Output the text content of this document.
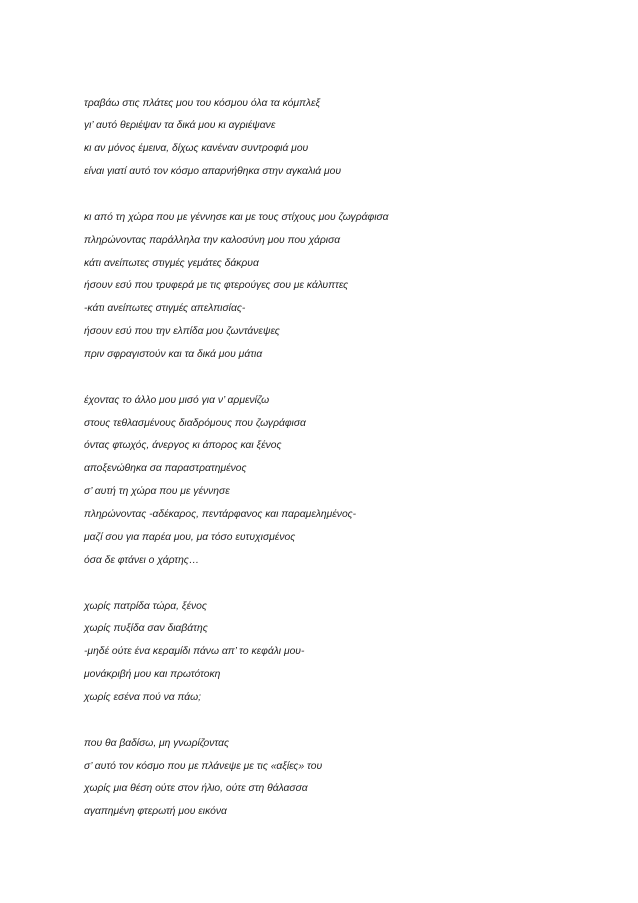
τραβάω στις πλάτες μου του κόσμου όλα τα κόμπλεξ
γι’ αυτό θεριέψαν τα δικά μου κι αγριέψανε
κι αν μόνος έμεινα, δίχως κανέναν συντροφιά μου
είναι γιατί αυτό τον κόσμο απαρνήθηκα στην αγκαλιά μου
κι από τη χώρα που με γέννησε και με τους στίχους μου ζωγράφισα
πληρώνοντας παράλληλα την καλοσύνη μου που χάρισα
κάτι ανείπωτες στιγμές γεμάτες δάκρυα
ήσουν εσύ που τρυφερά με τις φτερούγες σου με κάλυπτες
-κάτι ανείπωτες στιγμές απελπισίας-
ήσουν εσύ που την ελπίδα μου ζωντάνεψες
πριν σφραγιστούν και τα δικά μου μάτια
έχοντας το άλλο μου μισό για ν’ αρμενίζω
στους τεθλασμένους διαδρόμους που ζωγράφισα
όντας φτωχός, άνεργος κι άπορος και ξένος
αποξενώθηκα σα παραστρατημένος
σ’ αυτή τη χώρα που με γέννησε
πληρώνοντας -αδέκαρος, πεντάρφανος και παραμελημένος-
μαζί σου για παρέα μου, μα τόσο ευτυχισμένος
όσα δε φτάνει ο χάρτης…
χωρίς πατρίδα τώρα, ξένος
χωρίς πυξίδα σαν διαβάτης
-μηδέ ούτε ένα κεραμίδι πάνω απ’ το κεφάλι μου-
μονάκριβή μου και πρωτότοκη
χωρίς εσένα πού να πάω;
που θα βαδίσω, μη γνωρίζοντας
σ’ αυτό τον κόσμο που με πλάνεψε με τις «αξίες» του
χωρίς μια θέση ούτε στον ήλιο, ούτε στη θάλασσα
αγαπημένη φτερωτή μου εικόνα
